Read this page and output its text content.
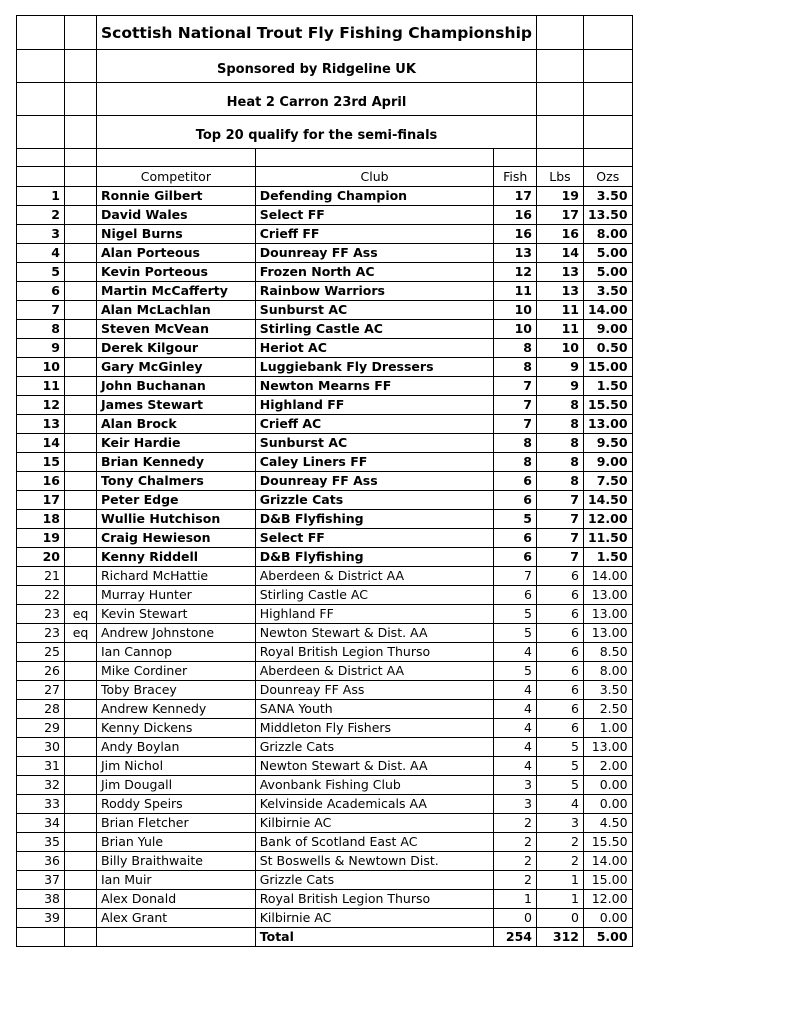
		Scottish National Trout Fly Fishing Championship				
		Sponsored by Ridgeline UK				
		Heat 2 Carron 23rd April				
		Top 20 qualify for the semi-finals				

		Competitor	Club	Fish	Lbs	Ozs
1		Ronnie Gilbert	Defending Champion	17	19	3.50
2		David Wales	Select FF	16	17	13.50
3		Nigel Burns	Crieff FF	16	16	8.00
4		Alan Porteous	Dounreay FF Ass	13	14	5.00
5		Kevin Porteous	Frozen North AC	12	13	5.00
6		Martin McCafferty	Rainbow Warriors	11	13	3.50
7		Alan McLachlan	Sunburst AC	10	11	14.00
8		Steven McVean	Stirling Castle AC	10	11	9.00
9		Derek Kilgour	Heriot AC	8	10	0.50
10		Gary McGinley	Luggiebank Fly Dressers	8	9	15.00
11		John Buchanan	Newton Mearns FF	7	9	1.50
12		James Stewart	Highland FF	7	8	15.50
13		Alan Brock	Crieff AC	7	8	13.00
14		Keir Hardie	Sunburst AC	8	8	9.50
15		Brian Kennedy	Caley Liners FF	8	8	9.00
16		Tony Chalmers	Dounreay FF Ass	6	8	7.50
17		Peter Edge	Grizzle Cats	6	7	14.50
18		Wullie Hutchison	D&B Flyfishing	5	7	12.00
19		Craig Hewieson	Select FF	6	7	11.50
20		Kenny Riddell	D&B Flyfishing	6	7	1.50
21		Richard McHattie	Aberdeen & District AA	7	6	14.00
22		Murray Hunter	Stirling Castle AC	6	6	13.00
23	eq	Kevin Stewart	Highland FF	5	6	13.00
23	eq	Andrew Johnstone	Newton Stewart & Dist. AA	5	6	13.00
25		Ian Cannop	Royal British Legion Thurso	4	6	8.50
26		Mike Cordiner	Aberdeen & District AA	5	6	8.00
27		Toby Bracey	Dounreay FF Ass	4	6	3.50
28		Andrew Kennedy	SANA Youth	4	6	2.50
29		Kenny Dickens	Middleton Fly Fishers	4	6	1.00
30		Andy Boylan	Grizzle Cats	4	5	13.00
31		Jim Nichol	Newton Stewart & Dist. AA	4	5	2.00
32		Jim Dougall	Avonbank Fishing Club	3	5	0.00
33		Roddy Speirs	Kelvinside Academicals AA	3	4	0.00
34		Brian Fletcher	Kilbirnie AC	2	3	4.50
35		Brian Yule	Bank of Scotland East AC	2	2	15.50
36		Billy Braithwaite	St Boswells & Newtown Dist.	2	2	14.00
37		Ian Muir	Grizzle Cats	2	1	15.00
38		Alex Donald	Royal British Legion Thurso	1	1	12.00
39		Alex Grant	Kilbirnie AC	0	0	0.00
			Total	254	312	5.00
